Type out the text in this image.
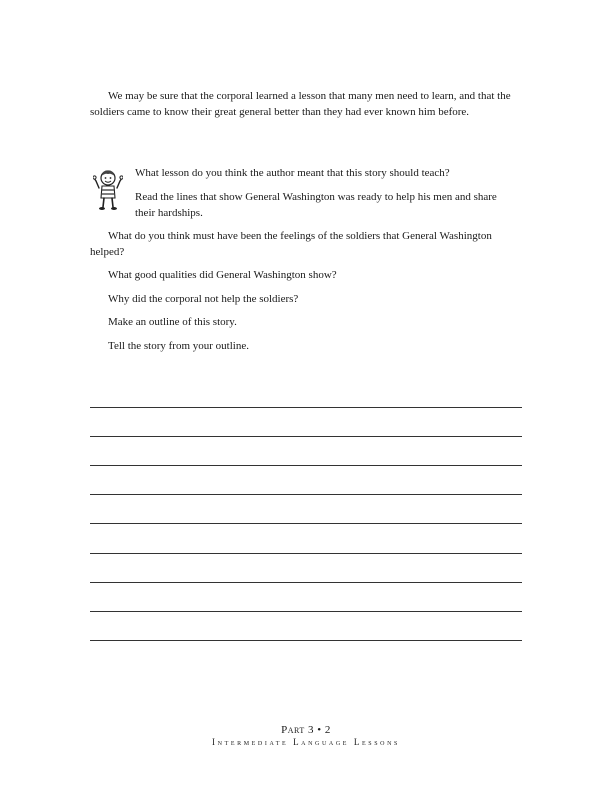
We may be sure that the corporal learned a lesson that many men need to learn, and that the soldiers came to know their great general better than they had ever known him before.

What lesson do you think the author meant that this story should teach?

Read the lines that show General Washington was ready to help his men and share their hardships.

What do you think must have been the feelings of the soldiers that General Washington helped?

What good qualities did General Washington show?

Why did the corporal not help the soldiers?

Make an outline of this story.

Tell the story from your outline.

Part 3 • 2
Intermediate Language Lessons
